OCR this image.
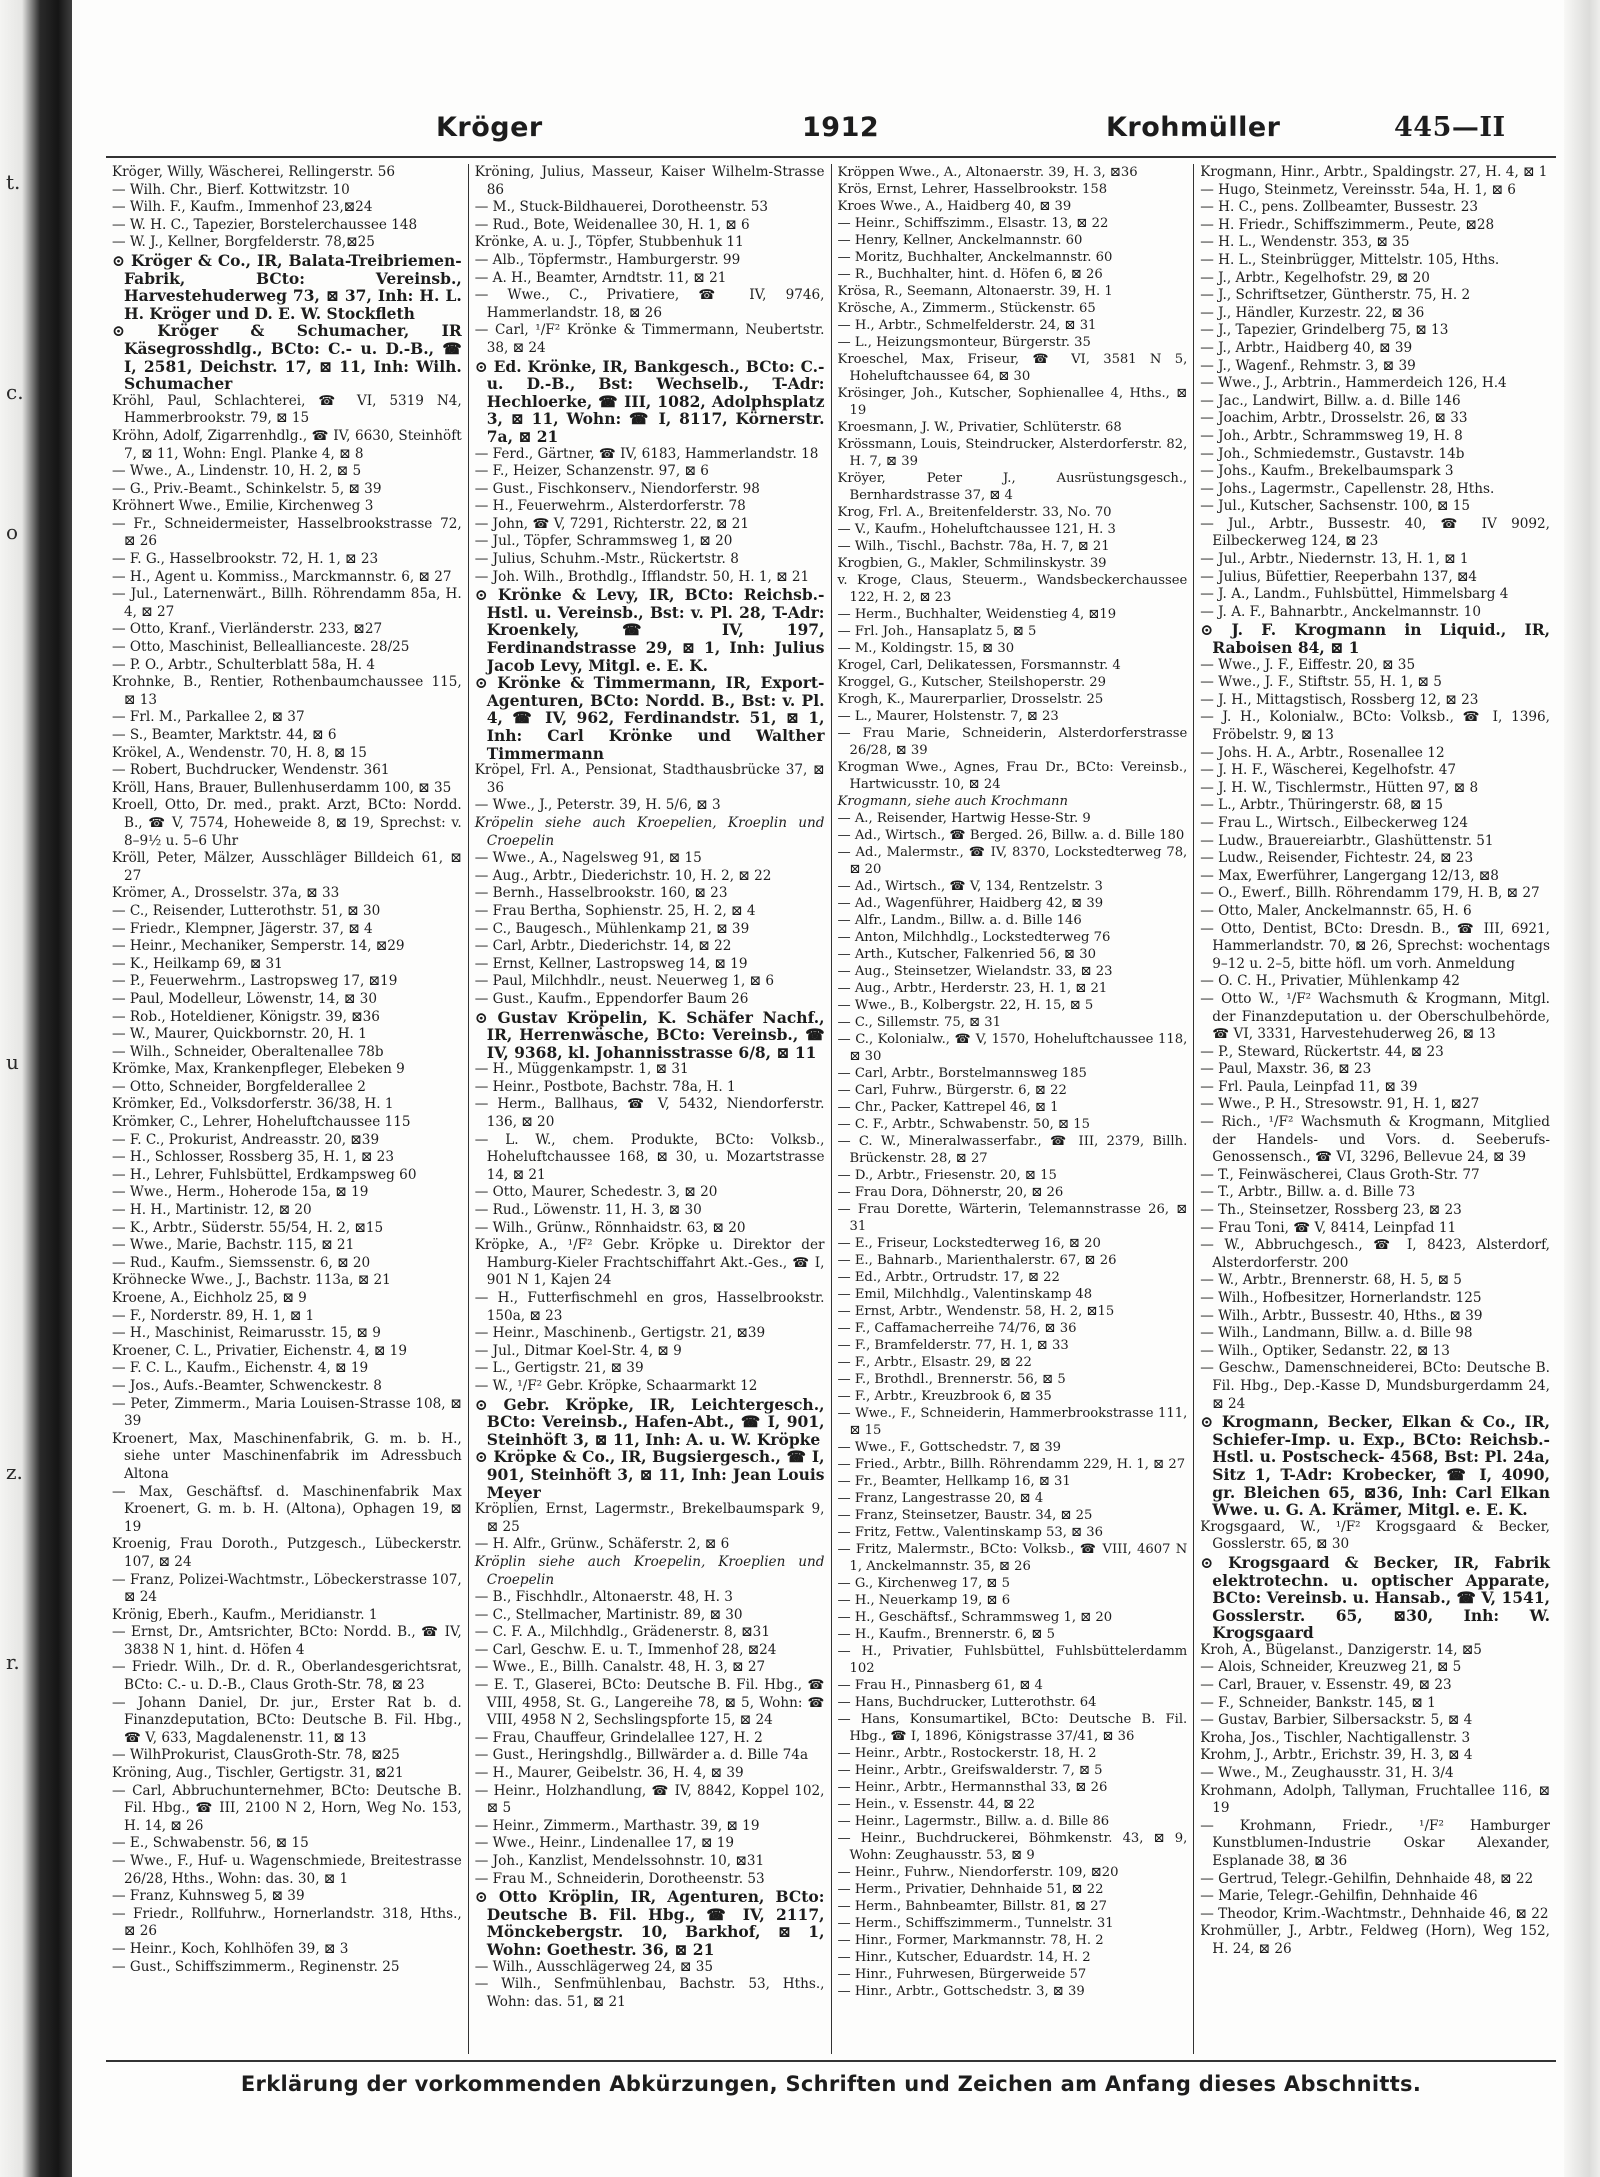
t.
c.
o
u
z.
r.
Kröger	1912	Krohmüller	445—II

Kröger, Willy, Wäscherei, Rellingerstr. 56

— Wilh. Chr., Bierf. Kottwitzstr. 10

— Wilh. F., Kaufm., Immenhof 23,⊠24

— W. H. C., Tapezier, Borstelerchaussee 148

— W. J., Kellner, Borgfelderstr. 78,⊠25

⊙ Kröger & Co., IR, Balata-Treibriemen-Fabrik, BCto: Vereinsb., Harvestehuderweg 73, ⊠ 37, Inh: H. L. H. Kröger und D. E. W. Stockfleth

⊙ Kröger & Schumacher, IR Käsegrosshdlg., BCto: C.- u. D.-B., ☎ I, 2581, Deichstr. 17, ⊠ 11, Inh: Wilh. Schumacher

Kröhl, Paul, Schlachterei, ☎ VI, 5319 N4, Hammerbrookstr. 79, ⊠ 15

Kröhn, Adolf, Zigarrenhdlg., ☎ IV, 6630, Steinhöft 7, ⊠ 11, Wohn: Engl. Planke 4, ⊠ 8

— Wwe., A., Lindenstr. 10, H. 2, ⊠ 5

— G., Priv.-Beamt., Schinkelstr. 5, ⊠ 39

Kröhnert Wwe., Emilie, Kirchenweg 3

— Fr., Schneidermeister, Hasselbrookstrasse 72, ⊠ 26

— F. G., Hasselbrookstr. 72, H. 1, ⊠ 23

— H., Agent u. Kommiss., Marckmannstr. 6, ⊠ 27

— Jul., Laternenwärt., Billh. Röhrendamm 85a, H. 4, ⊠ 27

— Otto, Kranf., Vierländerstr. 233, ⊠27

— Otto, Maschinist, Belleallianceste. 28/25

— P. O., Arbtr., Schulterblatt 58a, H. 4

Krohnke, B., Rentier, Rothenbaumchaussee 115, ⊠ 13

— Frl. M., Parkallee 2, ⊠ 37

— S., Beamter, Marktstr. 44, ⊠ 6

Krökel, A., Wendenstr. 70, H. 8, ⊠ 15

— Robert, Buchdrucker, Wendenstr. 361

Kröll, Hans, Brauer, Bullenhuserdamm 100, ⊠ 35

Kroell, Otto, Dr. med., prakt. Arzt, BCto: Nordd. B., ☎ V, 7574, Hoheweide 8, ⊠ 19, Sprechst: v. 8–9½ u. 5–6 Uhr

Kröll, Peter, Mälzer, Ausschläger Billdeich 61, ⊠ 27

Krömer, A., Drosselstr. 37a, ⊠ 33

— C., Reisender, Lutterothstr. 51, ⊠ 30

— Friedr., Klempner, Jägerstr. 37, ⊠ 4

— Heinr., Mechaniker, Semperstr. 14, ⊠29

— K., Heilkamp 69, ⊠ 31

— P., Feuerwehrm., Lastropsweg 17, ⊠19

— Paul, Modelleur, Löwenstr, 14, ⊠ 30

— Rob., Hoteldiener, Königstr. 39, ⊠36

— W., Maurer, Quickbornstr. 20, H. 1

— Wilh., Schneider, Oberaltenallee 78b

Krömke, Max, Krankenpfleger, Elebeken 9

— Otto, Schneider, Borgfelderallee 2

Krömker, Ed., Volksdorferstr. 36/38, H. 1

Krömker, C., Lehrer, Hoheluftchaussee 115

— F. C., Prokurist, Andreasstr. 20, ⊠39

— H., Schlosser, Rossberg 35, H. 1, ⊠ 23

— H., Lehrer, Fuhlsbüttel, Erdkampsweg 60

— Wwe., Herm., Hoherode 15a, ⊠ 19

— H. H., Martinistr. 12, ⊠ 20

— K., Arbtr., Süderstr. 55/54, H. 2, ⊠15

— Wwe., Marie, Bachstr. 115, ⊠ 21

— Rud., Kaufm., Siemssenstr. 6, ⊠ 20

Kröhnecke Wwe., J., Bachstr. 113a, ⊠ 21

Kroene, A., Eichholz 25, ⊠ 9

— F., Norderstr. 89, H. 1, ⊠ 1

— H., Maschinist, Reimarusstr. 15, ⊠ 9

Kroener, C. L., Privatier, Eichenstr. 4, ⊠ 19

— F. C. L., Kaufm., Eichenstr. 4, ⊠ 19

— Jos., Aufs.-Beamter, Schwenckestr. 8

— Peter, Zimmerm., Maria Louisen-Strasse 108, ⊠ 39

Kroenert, Max, Maschinenfabrik, G. m. b. H., siehe unter Maschinenfabrik im Adressbuch Altona

— Max, Geschäftsf. d. Maschinenfabrik Max Kroenert, G. m. b. H. (Altona), Ophagen 19, ⊠ 19

Kroenig, Frau Doroth., Putzgesch., Lübeckerstr. 107, ⊠ 24

— Franz, Polizei-Wachtmstr., Löbeckerstrasse 107, ⊠ 24

Krönig, Eberh., Kaufm., Meridianstr. 1

— Ernst, Dr., Amtsrichter, BCto: Nordd. B., ☎ IV, 3838 N 1, hint. d. Höfen 4

— Friedr. Wilh., Dr. d. R., Oberlandesgerichtsrat, BCto: C.- u. D.-B., Claus Groth-Str. 78, ⊠ 23

— Johann Daniel, Dr. jur., Erster Rat b. d. Finanzdeputation, BCto: Deutsche B. Fil. Hbg., ☎ V, 633, Magdalenenstr. 11, ⊠ 13

— WilhProkurist, ClausGroth-Str. 78, ⊠25

Kröning, Aug., Tischler, Gertigstr. 31, ⊠21

— Carl, Abbruchunternehmer, BCto: Deutsche B. Fil. Hbg., ☎ III, 2100 N 2, Horn, Weg No. 153, H. 14, ⊠ 26

— E., Schwabenstr. 56, ⊠ 15

— Wwe., F., Huf- u. Wagenschmiede, Breitestrasse 26/28, Hths., Wohn: das. 30, ⊠ 1

— Franz, Kuhnsweg 5, ⊠ 39

— Friedr., Rollfuhrw., Hornerlandstr. 318, Hths., ⊠ 26

— Heinr., Koch, Kohlhöfen 39, ⊠ 3

— Gust., Schiffszimmerm., Reginenstr. 25

Kröning, Julius, Masseur, Kaiser Wilhelm-Strasse 86

— M., Stuck-Bildhauerei, Dorotheenstr. 53

— Rud., Bote, Weidenallee 30, H. 1, ⊠ 6

Krönke, A. u. J., Töpfer, Stubbenhuk 11

— Alb., Töpfermstr., Hamburgerstr. 99

— A. H., Beamter, Arndtstr. 11, ⊠ 21

— Wwe., C., Privatiere, ☎ IV, 9746, Hammerlandstr. 18, ⊠ 26

— Carl, ¹/F² Krönke & Timmermann, Neubertstr. 38, ⊠ 24

⊙ Ed. Krönke, IR, Bankgesch., BCto: C.-u. D.-B., Bst: Wechselb., T-Adr: Hechloerke, ☎ III, 1082, Adolphsplatz 3, ⊠ 11, Wohn: ☎ I, 8117, Körnerstr. 7a, ⊠ 21

— Ferd., Gärtner, ☎ IV, 6183, Hammerlandstr. 18

— F., Heizer, Schanzenstr. 97, ⊠ 6

— Gust., Fischkonserv., Niendorferstr. 98

— H., Feuerwehrm., Alsterdorferstr. 78

— John, ☎ V, 7291, Richterstr. 22, ⊠ 21

— Jul., Töpfer, Schrammsweg 1, ⊠ 20

— Julius, Schuhm.-Mstr., Rückertstr. 8

— Joh. Wilh., Brothdlg., Ifflandstr. 50, H. 1, ⊠ 21

⊙ Krönke & Levy, IR, BCto: Reichsb.-Hstl. u. Vereinsb., Bst: v. Pl. 28, T-Adr: Kroenkely, ☎ IV, 197, Ferdinandstrasse 29, ⊠ 1, Inh: Julius Jacob Levy, Mitgl. e. E. K.

⊙ Krönke & Timmermann, IR, Export-Agenturen, BCto: Nordd. B., Bst: v. Pl. 4, ☎ IV, 962, Ferdinandstr. 51, ⊠ 1, Inh: Carl Krönke und Walther Timmermann

Kröpel, Frl. A., Pensionat, Stadthausbrücke 37, ⊠ 36

— Wwe., J., Peterstr. 39, H. 5/6, ⊠ 3

Kröpelin siehe auch Kroepelien, Kroeplin und Croepelin

— Wwe., A., Nagelsweg 91, ⊠ 15

— Aug., Arbtr., Diederichstr. 10, H. 2, ⊠ 22

— Bernh., Hasselbrookstr. 160, ⊠ 23

— Frau Bertha, Sophienstr. 25, H. 2, ⊠ 4

— C., Baugesch., Mühlenkamp 21, ⊠ 39

— Carl, Arbtr., Diederichstr. 14, ⊠ 22

— Ernst, Kellner, Lastropsweg 14, ⊠ 19

— Paul, Milchhdlr., neust. Neuerweg 1, ⊠ 6

— Gust., Kaufm., Eppendorfer Baum 26

⊙ Gustav Kröpelin, K. Schäfer Nachf., IR, Herrenwäsche, BCto: Vereinsb., ☎ IV, 9368, kl. Johannisstrasse 6/8, ⊠ 11

— H., Müggenkampstr. 1, ⊠ 31

— Heinr., Postbote, Bachstr. 78a, H. 1

— Herm., Ballhaus, ☎ V, 5432, Niendorferstr. 136, ⊠ 20

— L. W., chem. Produkte, BCto: Volksb., Hoheluftchaussee 168, ⊠ 30, u. Mozartstrasse 14, ⊠ 21

— Otto, Maurer, Schedestr. 3, ⊠ 20

— Rud., Löwenstr. 11, H. 3, ⊠ 30

— Wilh., Grünw., Rönnhaidstr. 63, ⊠ 20

Kröpke, A., ¹/F² Gebr. Kröpke u. Direktor der Hamburg-Kieler Frachtschiffahrt Akt.-Ges., ☎ I, 901 N 1, Kajen 24

— H., Futterfischmehl en gros, Hasselbrookstr. 150a, ⊠ 23

— Heinr., Maschinenb., Gertigstr. 21, ⊠39

— Jul., Ditmar Koel-Str. 4, ⊠ 9

— L., Gertigstr. 21, ⊠ 39

— W., ¹/F² Gebr. Kröpke, Schaarmarkt 12

⊙ Gebr. Kröpke, IR, Leichtergesch., BCto: Vereinsb., Hafen-Abt., ☎ I, 901, Steinhöft 3, ⊠ 11, Inh: A. u. W. Kröpke

⊙ Kröpke & Co., IR, Bugsiergesch., ☎ I, 901, Steinhöft 3, ⊠ 11, Inh: Jean Louis Meyer

Kröplien, Ernst, Lagermstr., Brekelbaumspark 9, ⊠ 25

— H. Alfr., Grünw., Schäferstr. 2, ⊠ 6

Kröplin siehe auch Kroepelin, Kroeplien und Croepelin

— B., Fischhdlr., Altonaerstr. 48, H. 3

— C., Stellmacher, Martinistr. 89, ⊠ 30

— C. F. A., Milchhdlg., Grädenerstr. 8, ⊠31

— Carl, Geschw. E. u. T., Immenhof 28, ⊠24

— Wwe., E., Billh. Canalstr. 48, H. 3, ⊠ 27

— E. T., Glaserei, BCto: Deutsche B. Fil. Hbg., ☎ VIII, 4958, St. G., Langereihe 78, ⊠ 5, Wohn: ☎ VIII, 4958 N 2, Sechslingspforte 15, ⊠ 24

— Frau, Chauffeur, Grindelallee 127, H. 2

— Gust., Heringshdlg., Billwärder a. d. Bille 74a

— H., Maurer, Geibelstr. 36, H. 4, ⊠ 39

— Heinr., Holzhandlung, ☎ IV, 8842, Koppel 102, ⊠ 5

— Heinr., Zimmerm., Marthastr. 39, ⊠ 19

— Wwe., Heinr., Lindenallee 17, ⊠ 19

— Joh., Kanzlist, Mendelssohnstr. 10, ⊠31

— Frau M., Schneiderin, Dorotheenstr. 53

⊙ Otto Kröplin, IR, Agenturen, BCto: Deutsche B. Fil. Hbg., ☎ IV, 2117, Mönckebergstr. 10, Barkhof, ⊠ 1, Wohn: Goethestr. 36, ⊠ 21

— Wilh., Ausschlägerweg 24, ⊠ 35

— Wilh., Senfmühlenbau, Bachstr. 53, Hths., Wohn: das. 51, ⊠ 21

Kröppen Wwe., A., Altonaerstr. 39, H. 3, ⊠36

Krös, Ernst, Lehrer, Hasselbrookstr. 158

Kroes Wwe., A., Haidberg 40, ⊠ 39

— Heinr., Schiffszimm., Elsastr. 13, ⊠ 22

— Henry, Kellner, Anckelmannstr. 60

— Moritz, Buchhalter, Anckelmannstr. 60

— R., Buchhalter, hint. d. Höfen 6, ⊠ 26

Krösa, R., Seemann, Altonaerstr. 39, H. 1

Krösche, A., Zimmerm., Stückenstr. 65

— H., Arbtr., Schmelfelderstr. 24, ⊠ 31

— L., Heizungsmonteur, Bürgerstr. 35

Kroeschel, Max, Friseur, ☎ VI, 3581 N 5, Hoheluftchaussee 64, ⊠ 30

Krösinger, Joh., Kutscher, Sophienallee 4, Hths., ⊠ 19

Kroesmann, J. W., Privatier, Schlüterstr. 68

Krössmann, Louis, Steindrucker, Alsterdorferstr. 82, H. 7, ⊠ 39

Kröyer, Peter J., Ausrüstungsgesch., Bernhardstrasse 37, ⊠ 4

Krog, Frl. A., Breitenfelderstr. 33, No. 70

— V., Kaufm., Hoheluftchaussee 121, H. 3

— Wilh., Tischl., Bachstr. 78a, H. 7, ⊠ 21

Krogbien, G., Makler, Schmilinskystr. 39

v. Kroge, Claus, Steuerm., Wandsbeckerchaussee 122, H. 2, ⊠ 23

— Herm., Buchhalter, Weidenstieg 4, ⊠19

— Frl. Joh., Hansaplatz 5, ⊠ 5

— M., Koldingstr. 15, ⊠ 30

Krogel, Carl, Delikatessen, Forsmannstr. 4

Kroggel, G., Kutscher, Steilshoperstr. 29

Krogh, K., Maurerparlier, Drosselstr. 25

— L., Maurer, Holstenstr. 7, ⊠ 23

— Frau Marie, Schneiderin, Alsterdorferstrasse 26/28, ⊠ 39

Krogman Wwe., Agnes, Frau Dr., BCto: Vereinsb., Hartwicusstr. 10, ⊠ 24

Krogmann, siehe auch Krochmann

— A., Reisender, Hartwig Hesse-Str. 9

— Ad., Wirtsch., ☎ Berged. 26, Billw. a. d. Bille 180

— Ad., Malermstr., ☎ IV, 8370, Lockstedterweg 78, ⊠ 20

— Ad., Wirtsch., ☎ V, 134, Rentzelstr. 3

— Ad., Wagenführer, Haidberg 42, ⊠ 39

— Alfr., Landm., Billw. a. d. Bille 146

— Anton, Milchhdlg., Lockstedterweg 76

— Arth., Kutscher, Falkenried 56, ⊠ 30

— Aug., Steinsetzer, Wielandstr. 33, ⊠ 23

— Aug., Arbtr., Herderstr. 23, H. 1, ⊠ 21

— Wwe., B., Kolbergstr. 22, H. 15, ⊠ 5

— C., Sillemstr. 75, ⊠ 31

— C., Kolonialw., ☎ V, 1570, Hoheluftchaussee 118, ⊠ 30

— Carl, Arbtr., Borstelmannsweg 185

— Carl, Fuhrw., Bürgerstr. 6, ⊠ 22

— Chr., Packer, Kattrepel 46, ⊠ 1

— C. F., Arbtr., Schwabenstr. 50, ⊠ 15

— C. W., Mineralwasserfabr., ☎ III, 2379, Billh. Brückenstr. 28, ⊠ 27

— D., Arbtr., Friesenstr. 20, ⊠ 15

— Frau Dora, Döhnerstr, 20, ⊠ 26

— Frau Dorette, Wärterin, Telemannstrasse 26, ⊠ 31

— E., Friseur, Lockstedterweg 16, ⊠ 20

— E., Bahnarb., Marienthalerstr. 67, ⊠ 26

— Ed., Arbtr., Ortrudstr. 17, ⊠ 22

— Emil, Milchhdlg., Valentinskamp 48

— Ernst, Arbtr., Wendenstr. 58, H. 2, ⊠15

— F., Caffamacherreihe 74/76, ⊠ 36

— F., Bramfelderstr. 77, H. 1, ⊠ 33

— F., Arbtr., Elsastr. 29, ⊠ 22

— F., Brothdl., Brennerstr. 56, ⊠ 5

— F., Arbtr., Kreuzbrook 6, ⊠ 35

— Wwe., F., Schneiderin, Hammerbrookstrasse 111, ⊠ 15

— Wwe., F., Gottschedstr. 7, ⊠ 39

— Fried., Arbtr., Billh. Röhrendamm 229, H. 1, ⊠ 27

— Fr., Beamter, Hellkamp 16, ⊠ 31

— Franz, Langestrasse 20, ⊠ 4

— Franz, Steinsetzer, Baustr. 34, ⊠ 25

— Fritz, Fettw., Valentinskamp 53, ⊠ 36

— Fritz, Malermstr., BCto: Volksb., ☎ VIII, 4607 N 1, Anckelmannstr. 35, ⊠ 26

— G., Kirchenweg 17, ⊠ 5

— H., Neuerkamp 19, ⊠ 6

— H., Geschäftsf., Schrammsweg 1, ⊠ 20

— H., Kaufm., Brennerstr. 6, ⊠ 5

— H., Privatier, Fuhlsbüttel, Fuhlsbüttelerdamm 102

— Frau H., Pinnasberg 61, ⊠ 4

— Hans, Buchdrucker, Lutterothstr. 64

— Hans, Konsumartikel, BCto: Deutsche B. Fil. Hbg., ☎ I, 1896, Königstrasse 37/41, ⊠ 36

— Heinr., Arbtr., Rostockerstr. 18, H. 2

— Heinr., Arbtr., Greifswalderstr. 7, ⊠ 5

— Heinr., Arbtr., Hermannsthal 33, ⊠ 26

— Hein., v. Essenstr. 44, ⊠ 22

— Heinr., Lagermstr., Billw. a. d. Bille 86

— Heinr., Buchdruckerei, Böhmkenstr. 43, ⊠ 9, Wohn: Zeughausstr. 53, ⊠ 9

— Heinr., Fuhrw., Niendorferstr. 109, ⊠20

— Herm., Privatier, Dehnhaide 51, ⊠ 22

— Herm., Bahnbeamter, Billstr. 81, ⊠ 27

— Herm., Schiffszimmerm., Tunnelstr. 31

— Hinr., Former, Markmannstr. 78, H. 2

— Hinr., Kutscher, Eduardstr. 14, H. 2

— Hinr., Fuhrwesen, Bürgerweide 57

— Hinr., Arbtr., Gottschedstr. 3, ⊠ 39

Krogmann, Hinr., Arbtr., Spaldingstr. 27, H. 4, ⊠ 1

— Hugo, Steinmetz, Vereinsstr. 54a, H. 1, ⊠ 6

— H. C., pens. Zollbeamter, Bussestr. 23

— H. Friedr., Schiffszimmerm., Peute, ⊠28

— H. L., Wendenstr. 353, ⊠ 35

— H. L., Steinbrügger, Mittelstr. 105, Hths.

— J., Arbtr., Kegelhofstr. 29, ⊠ 20

— J., Schriftsetzer, Güntherstr. 75, H. 2

— J., Händler, Kurzestr. 22, ⊠ 36

— J., Tapezier, Grindelberg 75, ⊠ 13

— J., Arbtr., Haidberg 40, ⊠ 39

— J., Wagenf., Rehmstr. 3, ⊠ 39

— Wwe., J., Arbtrin., Hammerdeich 126, H.4

— Jac., Landwirt, Billw. a. d. Bille 146

— Joachim, Arbtr., Drosselstr. 26, ⊠ 33

— Joh., Arbtr., Schrammsweg 19, H. 8

— Joh., Schmiedemstr., Gustavstr. 14b

— Johs., Kaufm., Brekelbaumspark 3

— Johs., Lagermstr., Capellenstr. 28, Hths.

— Jul., Kutscher, Sachsenstr. 100, ⊠ 15

— Jul., Arbtr., Bussestr. 40, ☎ IV 9092, Eilbeckerweg 124, ⊠ 23

— Jul., Arbtr., Niedernstr. 13, H. 1, ⊠ 1

— Julius, Büfettier, Reeperbahn 137, ⊠4

— J. A., Landm., Fuhlsbüttel, Himmelsbarg 4

— J. A. F., Bahnarbtr., Anckelmannstr. 10

⊙ J. F. Krogmann in Liquid., IR, Raboisen 84, ⊠ 1

— Wwe., J. F., Eiffestr. 20, ⊠ 35

— Wwe., J. F., Stiftstr. 55, H. 1, ⊠ 5

— J. H., Mittagstisch, Rossberg 12, ⊠ 23

— J. H., Kolonialw., BCto: Volksb., ☎ I, 1396, Fröbelstr. 9, ⊠ 13

— Johs. H. A., Arbtr., Rosenallee 12

— J. H. F., Wäscherei, Kegelhofstr. 47

— J. H. W., Tischlermstr., Hütten 97, ⊠ 8

— L., Arbtr., Thüringerstr. 68, ⊠ 15

— Frau L., Wirtsch., Eilbeckerweg 124

— Ludw., Brauereiarbtr., Glashüttenstr. 51

— Ludw., Reisender, Fichtestr. 24, ⊠ 23

— Max, Ewerführer, Langergang 12/13, ⊠8

— O., Ewerf., Billh. Röhrendamm 179, H. B, ⊠ 27

— Otto, Maler, Anckelmannstr. 65, H. 6

— Otto, Dentist, BCto: Dresdn. B., ☎ III, 6921, Hammerlandstr. 70, ⊠ 26, Sprechst: wochentags 9–12 u. 2–5, bitte höfl. um vorh. Anmeldung

— O. C. H., Privatier, Mühlenkamp 42

— Otto W., ¹/F² Wachsmuth & Krogmann, Mitgl. der Finanzdeputation u. der Oberschulbehörde, ☎ VI, 3331, Harvestehuderweg 26, ⊠ 13

— P., Steward, Rückertstr. 44, ⊠ 23

— Paul, Maxstr. 36, ⊠ 23

— Frl. Paula, Leinpfad 11, ⊠ 39

— Wwe., P. H., Stresowstr. 91, H. 1, ⊠27

— Rich., ¹/F² Wachsmuth & Krogmann, Mitglied der Handels- und Vors. d. Seeberufs-Genossensch., ☎ VI, 3296, Bellevue 24, ⊠ 39

— T., Feinwäscherei, Claus Groth-Str. 77

— T., Arbtr., Billw. a. d. Bille 73

— Th., Steinsetzer, Rossberg 23, ⊠ 23

— Frau Toni, ☎ V, 8414, Leinpfad 11

— W., Abbruchgesch., ☎ I, 8423, Alsterdorf, Alsterdorferstr. 200

— W., Arbtr., Brennerstr. 68, H. 5, ⊠ 5

— Wilh., Hofbesitzer, Hornerlandstr. 125

— Wilh., Arbtr., Bussestr. 40, Hths., ⊠ 39

— Wilh., Landmann, Billw. a. d. Bille 98

— Wilh., Optiker, Sedanstr. 22, ⊠ 13

— Geschw., Damenschneiderei, BCto: Deutsche B. Fil. Hbg., Dep.-Kasse D, Mundsburgerdamm 24, ⊠ 24

⊙ Krogmann, Becker, Elkan & Co., IR, Schiefer-Imp. u. Exp., BCto: Reichsb.-Hstl. u. Postscheck- 4568, Bst: Pl. 24a, Sitz 1, T-Adr: Krobecker, ☎ I, 4090, gr. Bleichen 65, ⊠36, Inh: Carl Elkan Wwe. u. G. A. Krämer, Mitgl. e. E. K.

Krogsgaard, W., ¹/F² Krogsgaard & Becker, Gosslerstr. 65, ⊠ 30

⊙ Krogsgaard & Becker, IR, Fabrik elektrotechn. u. optischer Apparate, BCto: Vereinsb. u. Hansab., ☎ V, 1541, Gosslerstr. 65, ⊠30, Inh: W. Krogsgaard

Kroh, A., Bügelanst., Danzigerstr. 14, ⊠5

— Alois, Schneider, Kreuzweg 21, ⊠ 5

— Carl, Brauer, v. Essenstr. 49, ⊠ 23

— F., Schneider, Bankstr. 145, ⊠ 1

— Gustav, Barbier, Silbersackstr. 5, ⊠ 4

Kroha, Jos., Tischler, Nachtigallenstr. 3

Krohm, J., Arbtr., Erichstr. 39, H. 3, ⊠ 4

— Wwe., M., Zeughausstr. 31, H. 3/4

Krohmann, Adolph, Tallyman, Fruchtallee 116, ⊠ 19

— Krohmann, Friedr., ¹/F² Hamburger Kunstblumen-Industrie Oskar Alexander, Esplanade 38, ⊠ 36

— Gertrud, Telegr.-Gehilfin, Dehnhaide 48, ⊠ 22

— Marie, Telegr.-Gehilfin, Dehnhaide 46

— Theodor, Krim.-Wachtmstr., Dehnhaide 46, ⊠ 22

Krohmüller, J., Arbtr., Feldweg (Horn), Weg 152, H. 24, ⊠ 26

Erklärung der vorkommenden Abkürzungen, Schriften und Zeichen am Anfang dieses Abschnitts.
